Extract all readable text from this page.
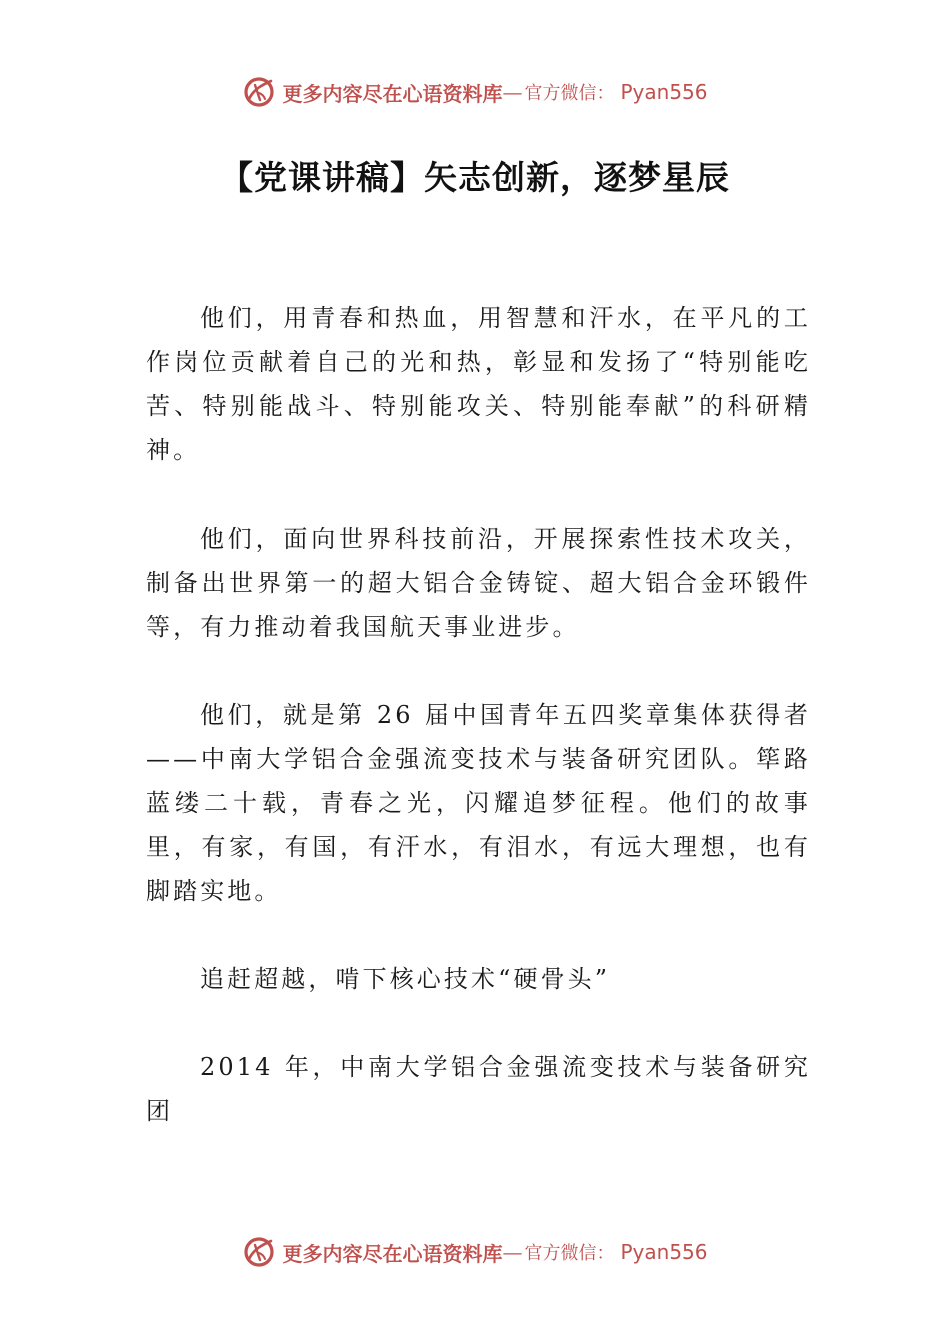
更多内容尽在心语资料库 — 官方微信： Pyan556
【党课讲稿】矢志创新，逐梦星辰

他们，用青春和热血，用智慧和汗水，在平凡的工作岗位贡献着自己的光和热，彰显和发扬了“特别能吃苦、特别能战斗、特别能攻关、特别能奉献”的科研精神。

他们，面向世界科技前沿，开展探索性技术攻关，制备出世界第一的超大铝合金铸锭、超大铝合金环锻件等，有力推动着我国航天事业进步。

他们，就是第 26 届中国青年五四奖章集体获得者——中南大学铝合金强流变技术与装备研究团队。筚路蓝缕二十载，青春之光，闪耀追梦征程。他们的故事里，有家，有国，有汗水，有泪水，有远大理想，也有脚踏实地。

追赶超越，啃下核心技术“硬骨头”

2014 年，中南大学铝合金强流变技术与装备研究团

更多内容尽在心语资料库 — 官方微信： Pyan556
